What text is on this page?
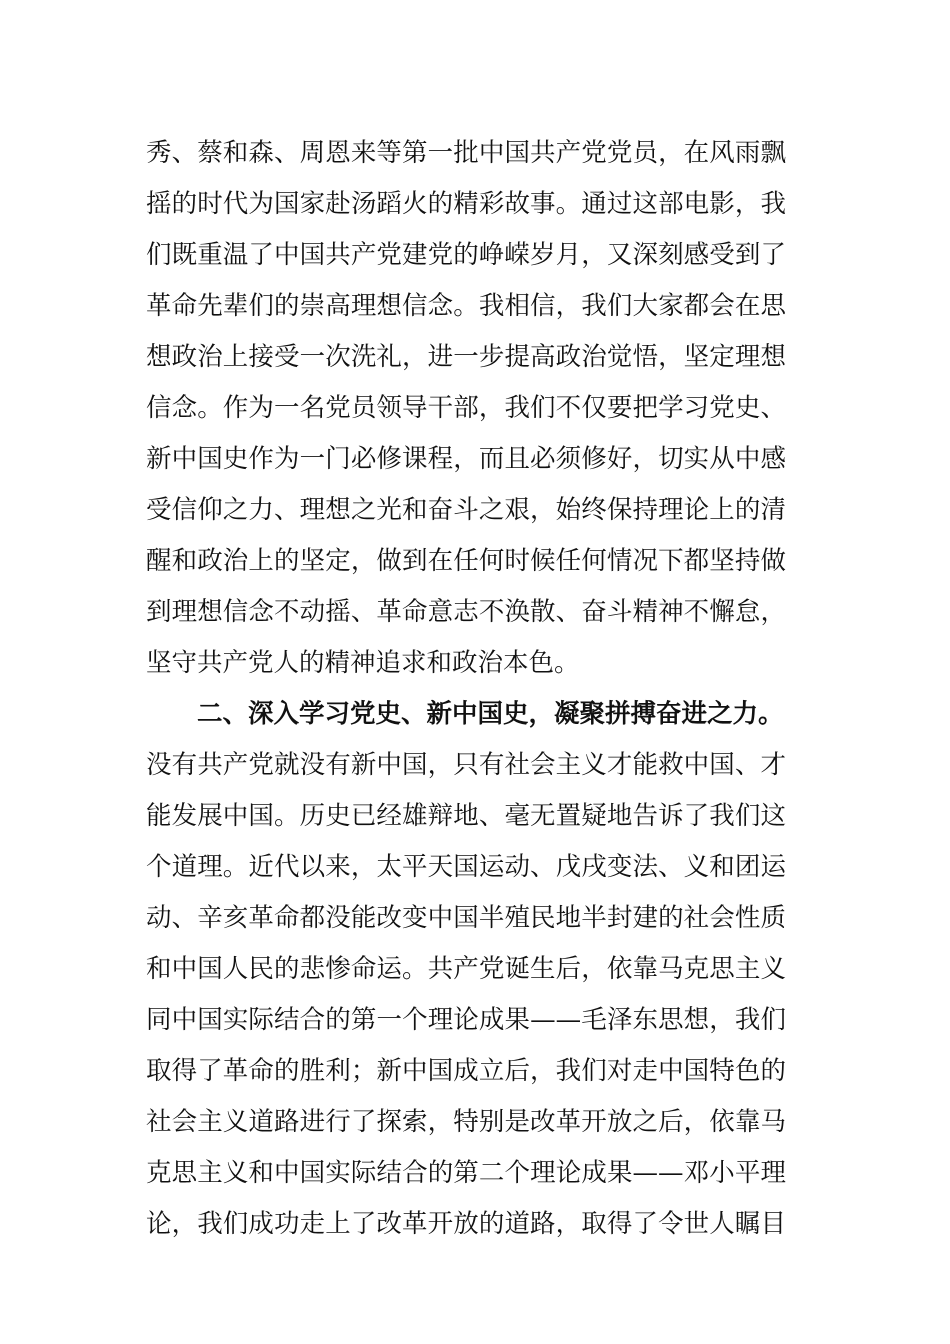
秀、蔡和森、周恩来等第一批中国共产党党员，在风雨飘
摇的时代为国家赴汤蹈火的精彩故事。通过这部电影，我
们既重温了中国共产党建党的峥嵘岁月，又深刻感受到了
革命先辈们的崇高理想信念。我相信，我们大家都会在思
想政治上接受一次洗礼，进一步提高政治觉悟，坚定理想
信念。作为一名党员领导干部，我们不仅要把学习党史、
新中国史作为一门必修课程，而且必须修好，切实从中感
受信仰之力、理想之光和奋斗之艰，始终保持理论上的清
醒和政治上的坚定，做到在任何时候任何情况下都坚持做
到理想信念不动摇、革命意志不涣散、奋斗精神不懈怠，
坚守共产党人的精神追求和政治本色。
二、深入学习党史、新中国史，凝聚拼搏奋进之力。
没有共产党就没有新中国，只有社会主义才能救中国、才
能发展中国。历史已经雄辩地、毫无置疑地告诉了我们这
个道理。近代以来，太平天国运动、戊戌变法、义和团运
动、辛亥革命都没能改变中国半殖民地半封建的社会性质
和中国人民的悲惨命运。共产党诞生后，依靠马克思主义
同中国实际结合的第一个理论成果——毛泽东思想，我们
取得了革命的胜利；新中国成立后，我们对走中国特色的
社会主义道路进行了探索，特别是改革开放之后，依靠马
克思主义和中国实际结合的第二个理论成果——邓小平理
论，我们成功走上了改革开放的道路，取得了令世人瞩目
